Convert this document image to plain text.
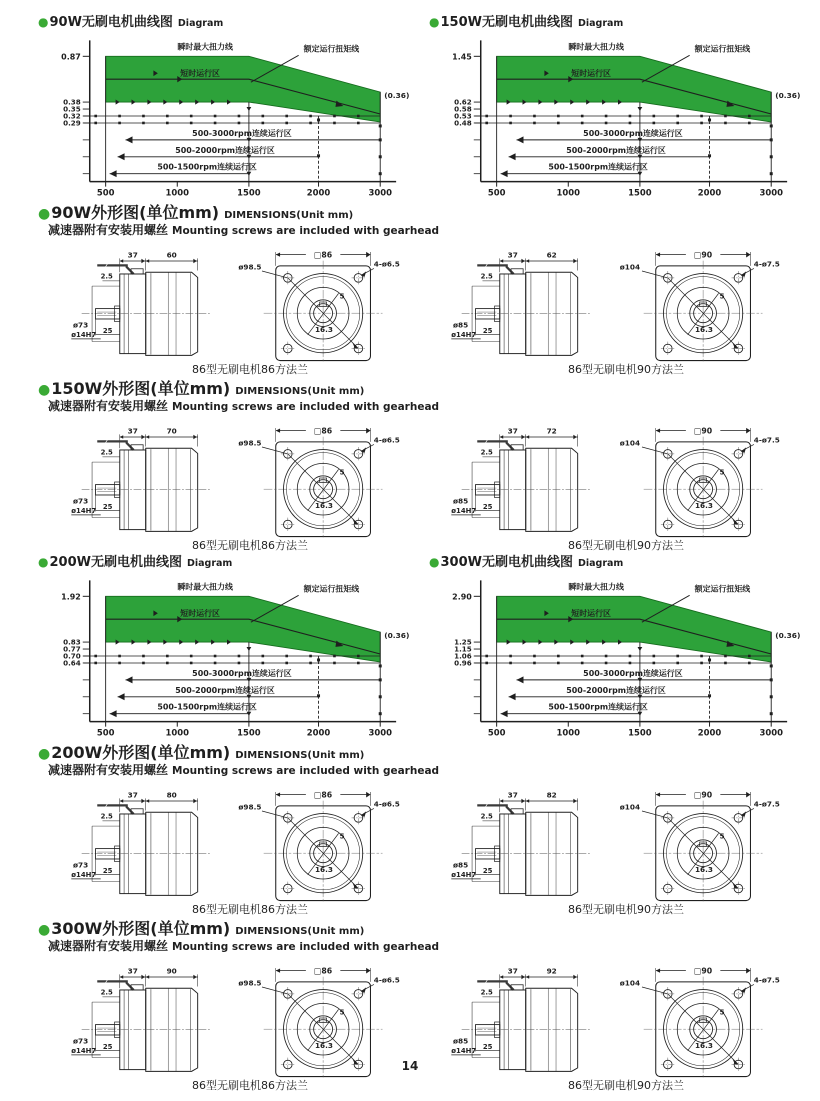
● 90W无刷电机曲线图 Diagram
0.87
0.38
0.35
0.32
0.29
瞬时最大扭力线
短时运行区
额定运行扭矩线
(0.36)
500-3000rpm连续运行区
500-2000rpm连续运行区
500-1500rpm连续运行区
500	1000	1500	2000	3000
● 150W无刷电机曲线图 Diagram
1.45
0.62
0.58
0.53
0.48
瞬时最大扭力线
短时运行区
额定运行扭矩线
(0.36)
500-3000rpm连续运行区
500-2000rpm连续运行区
500-1500rpm连续运行区
500	1000	1500	2000	3000
● 90W外形图(单位mm) DIMENSIONS(Unit mm)
减速器附有安装用螺丝 Mounting screws are included with gearhead
37	60
2.5
ø73
ø14H7
25
□86
ø98.5	4-ø6.5
5
16.3
86型无刷电机86方法兰
37	62
2.5
ø85
ø14H7
25
□90
ø104	4-ø7.5
5
16.3
86型无刷电机90方法兰
● 150W外形图(单位mm) DIMENSIONS(Unit mm)
减速器附有安装用螺丝 Mounting screws are included with gearhead
37	70
2.5
ø73
ø14H7
25
□86
ø98.5	4-ø6.5
5
16.3
86型无刷电机86方法兰
37	72
2.5
ø85
ø14H7
25
□90
ø104	4-ø7.5
5
16.3
86型无刷电机90方法兰
● 200W无刷电机曲线图 Diagram
1.92
0.83
0.77
0.70
0.64
瞬时最大扭力线
短时运行区
额定运行扭矩线
(0.36)
500-3000rpm连续运行区
500-2000rpm连续运行区
500-1500rpm连续运行区
500	1000	1500	2000	3000
● 300W无刷电机曲线图 Diagram
2.90
1.25
1.15
1.06
0.96
瞬时最大扭力线
短时运行区
额定运行扭矩线
(0.36)
500-3000rpm连续运行区
500-2000rpm连续运行区
500-1500rpm连续运行区
500	1000	1500	2000	3000
● 200W外形图(单位mm) DIMENSIONS(Unit mm)
减速器附有安装用螺丝 Mounting screws are included with gearhead
37	80
2.5
ø73
ø14H7
25
□86
ø98.5	4-ø6.5
5
16.3
86型无刷电机86方法兰
37	82
2.5
ø85
ø14H7
25
□90
ø104	4-ø7.5
5
16.3
86型无刷电机90方法兰
● 300W外形图(单位mm) DIMENSIONS(Unit mm)
减速器附有安装用螺丝 Mounting screws are included with gearhead
37	90
2.5
ø73
ø14H7
25
□86
ø98.5	4-ø6.5
5
16.3
86型无刷电机86方法兰
37	92
2.5
ø85
ø14H7
25
□90
ø104	4-ø7.5
5
16.3
86型无刷电机90方法兰
14
